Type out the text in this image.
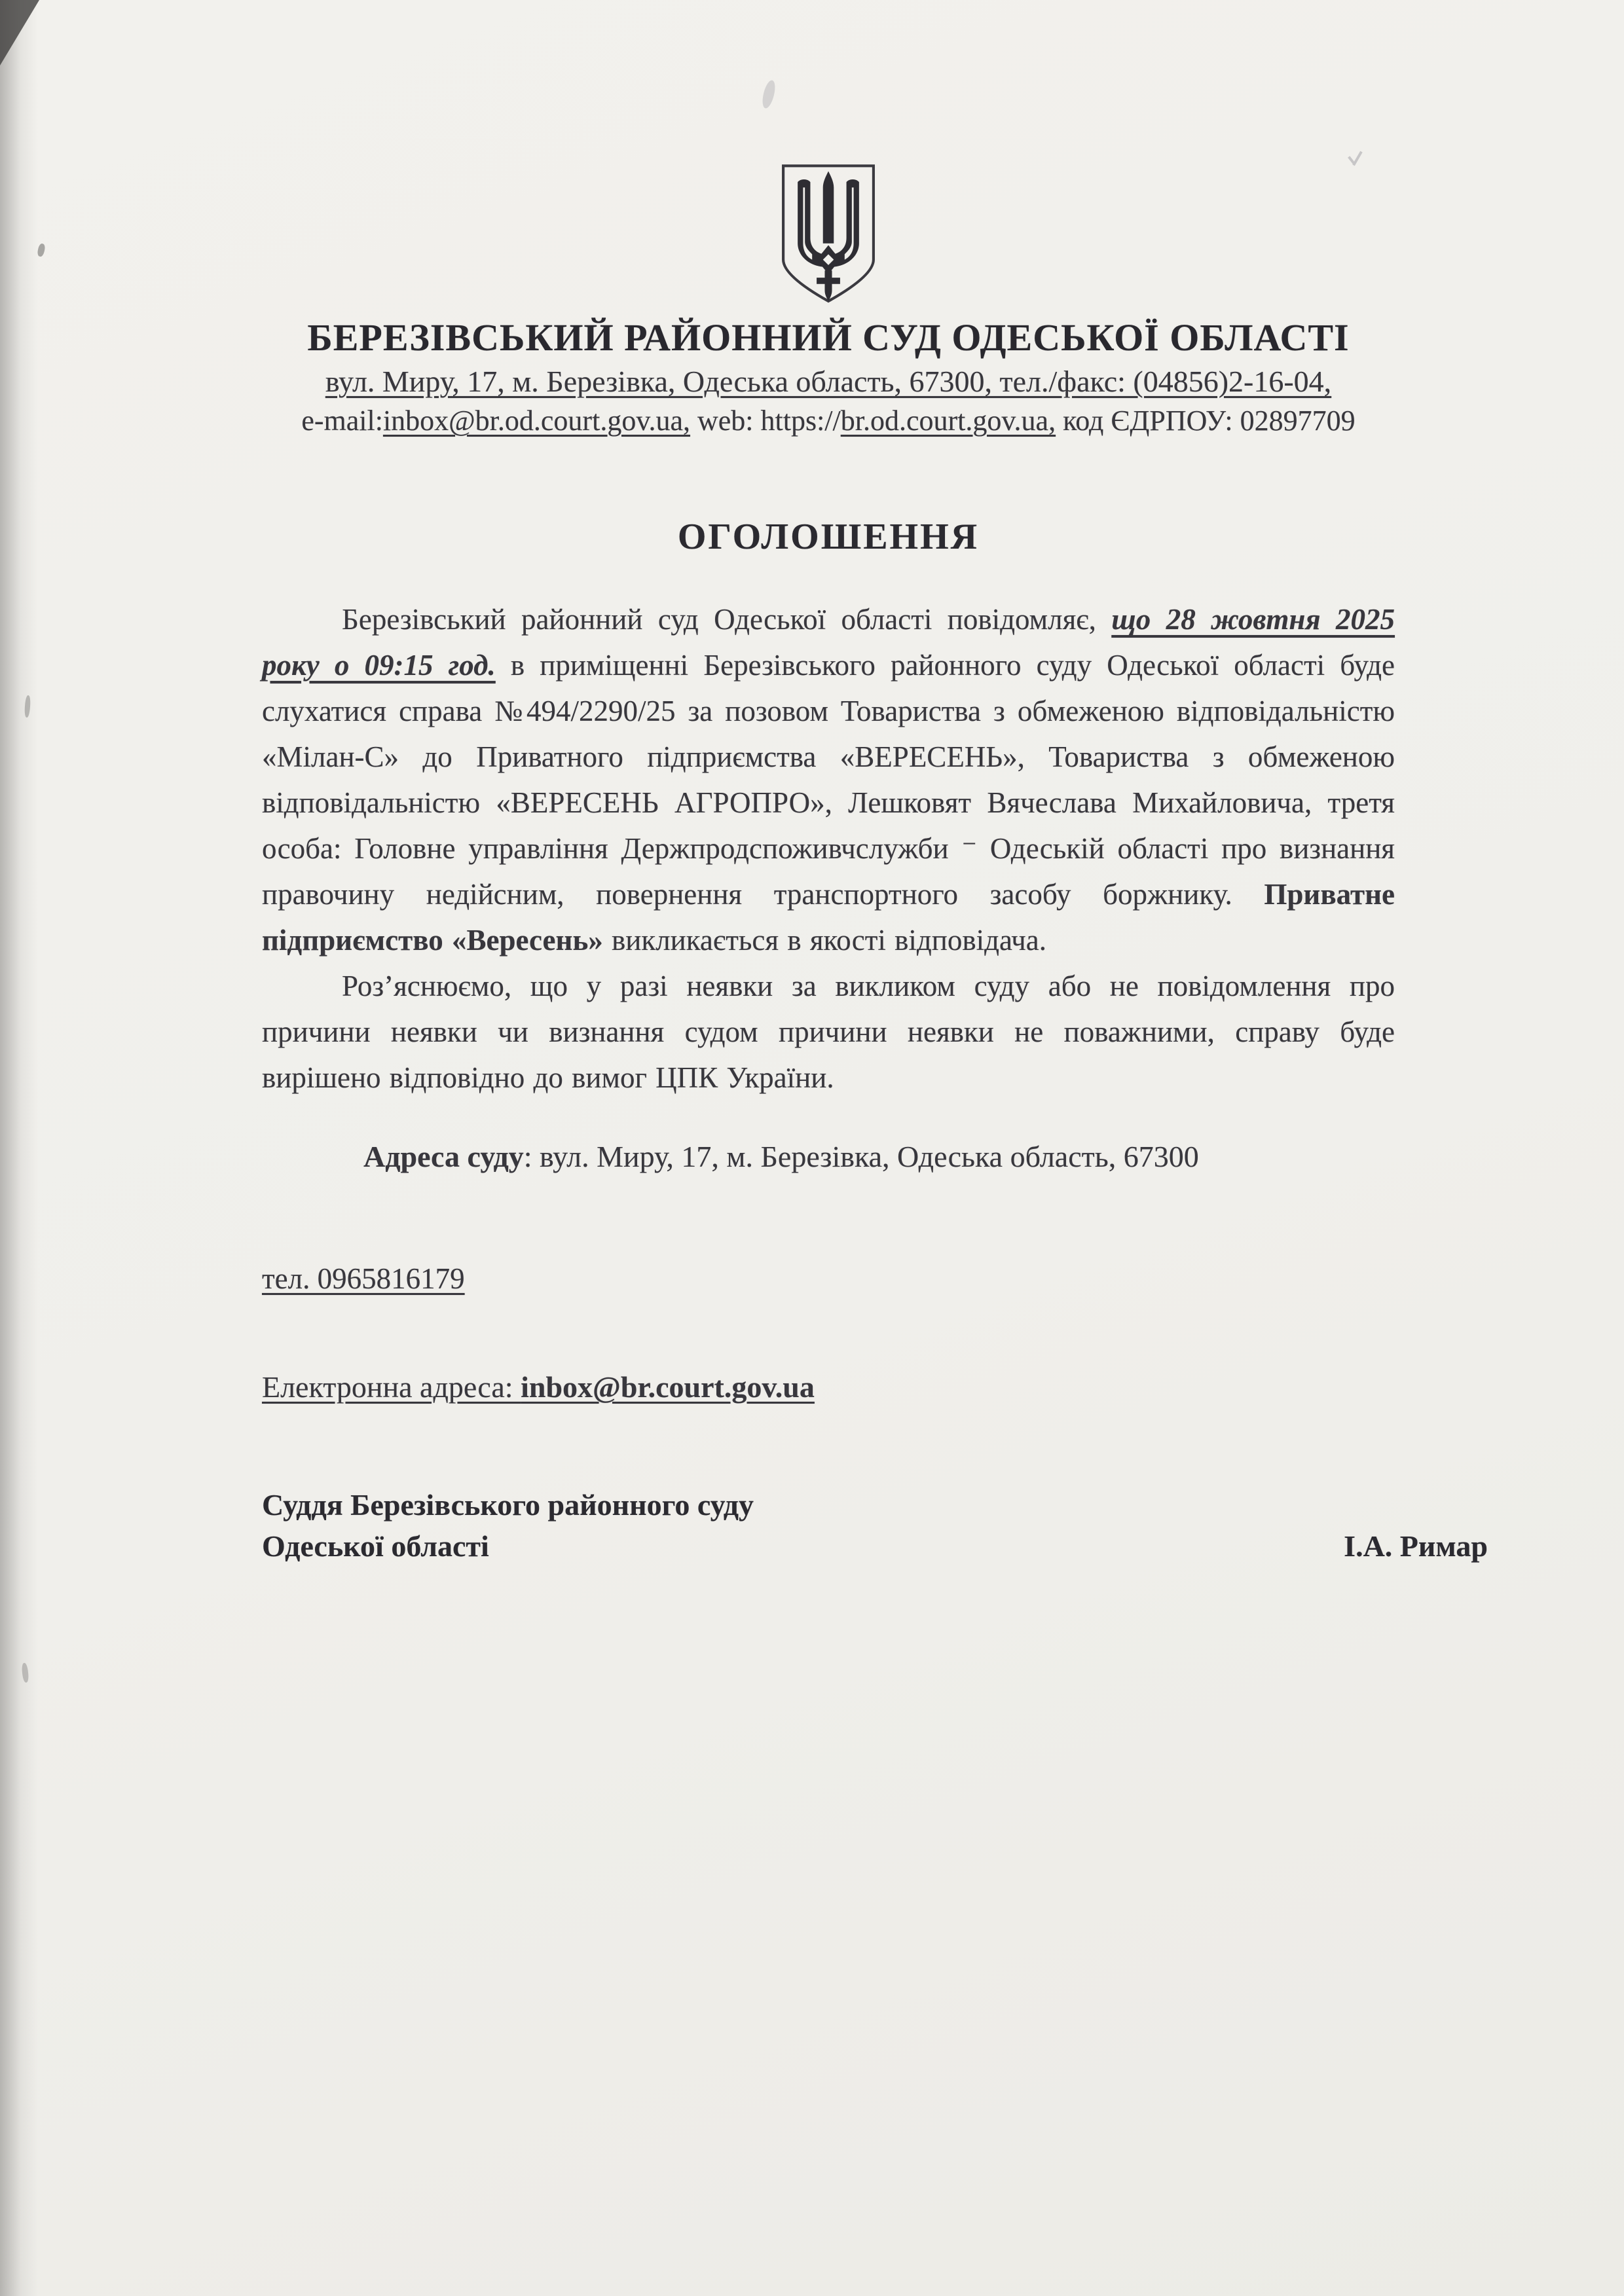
БЕРЕЗІВСЬКИЙ РАЙОННИЙ СУД ОДЕСЬКОЇ ОБЛАСТІ
вул. Миру, 17, м. Березівка, Одеська область, 67300, тел./факс: (04856)2-16-04,
e-mail:inbox@br.od.court.gov.ua, web: https://br.od.court.gov.ua, код ЄДРПОУ: 02897709
ОГОЛОШЕННЯ

Березівський районний суд Одеської області повідомляє, що 28 жовтня 2025 року о 09:15 год. в приміщенні Березівського районного суду Одеської області буде слухатися справа №494/2290/25 за позовом Товариства з обмеженою відповідальністю «Мілан-С» до Приватного підприємства «ВЕРЕСЕНЬ», Товариства з обмеженою відповідальністю «ВЕРЕСЕНЬ АГРОПРО», Лешковят Вячеслава Михайловича, третя особа: Головне управління Держпродспоживчслужби ⁻ Одеській області про визнання правочину недійсним, повернення транспортного засобу боржнику. Приватне підприємство «Вересень» викликається в якості відповідача.

Роз’яснюємо, що у разі неявки за викликом суду або не повідомлення про причини неявки чи визнання судом причини неявки не поважними, справу буде вирішено відповідно до вимог ЦПК України.

Адреса суду: вул. Миру, 17, м. Березівка, Одеська область, 67300

тел. 0965816179

Електронна адреса: inbox@br.court.gov.ua

Суддя Березівського районного суду
Одеської області	І.А. Римар
